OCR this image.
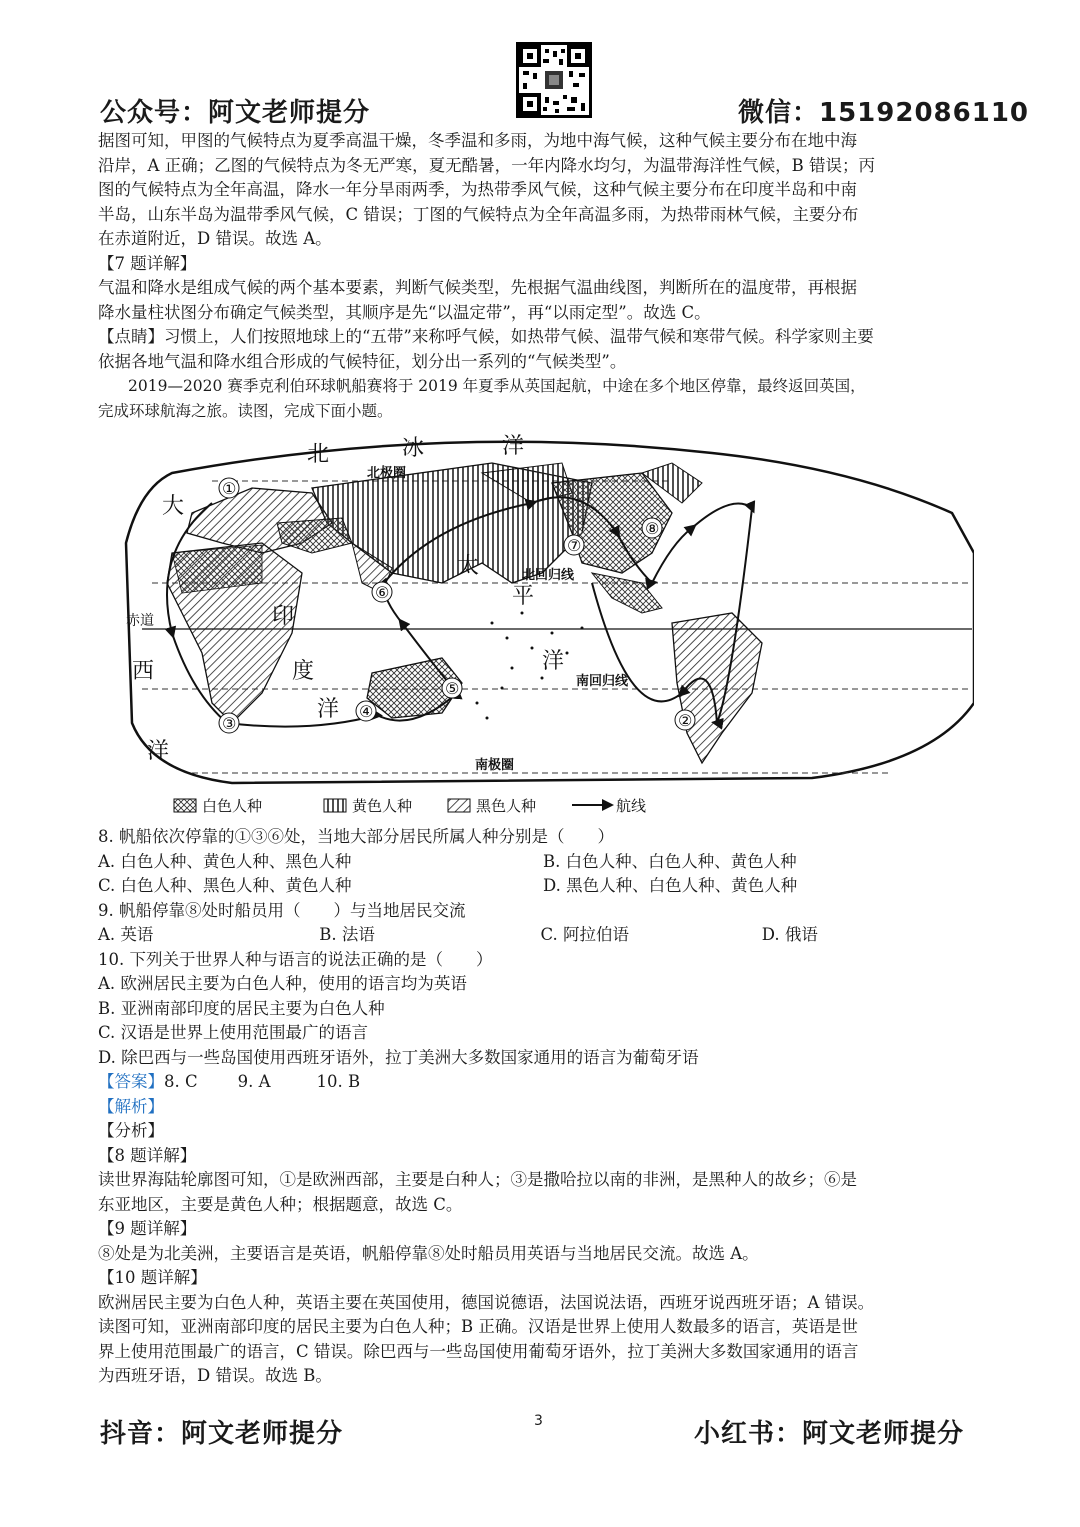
公众号：阿文老师提分	微信：15192086110
据图可知，甲图的气候特点为夏季高温干燥，冬季温和多雨，为地中海气候，这种气候主要分布在地中海
沿岸，A 正确；乙图的气候特点为冬无严寒，夏无酷暑，一年内降水均匀，为温带海洋性气候，B 错误；丙
图的气候特点为全年高温，降水一年分旱雨两季，为热带季风气候，这种气候主要分布在印度半岛和中南
半岛，山东半岛为温带季风气候，C 错误；丁图的气候特点为全年高温多雨，为热带雨林气候，主要分布
在赤道附近，D 错误。故选 A。
【7 题详解】
气温和降水是组成气候的两个基本要素，判断气候类型，先根据气温曲线图，判断所在的温度带，再根据
降水量柱状图分布确定气候类型，其顺序是先“以温定带”，再“以雨定型”。故选 C。
【点睛】习惯上，人们按照地球上的“五带”来称呼气候，如热带气候、温带气候和寒带气候。科学家则主要
依据各地气温和降水组合形成的气候特征，划分出一系列的“气候类型”。
2019—2020 赛季克利伯环球帆船赛将于 2019 年夏季从英国起航，中途在多个地区停靠，最终返回英国，
完成环球航海之旅。读图，完成下面小题。
北	冰	洋
太
平
洋
印
度
洋
大
西
洋
北极圈
北回归线
赤道
南回归线
南极圈
①
②
③
④
⑤
⑥
⑦
⑧
白色人种	黄色人种	黑色人种	航线
8. 帆船依次停靠的①③⑥处，当地大部分居民所属人种分别是（　　）
A. 白色人种、黄色人种、黑色人种	B. 白色人种、白色人种、黄色人种
C. 白色人种、黑色人种、黄色人种	D. 黑色人种、白色人种、黄色人种
9. 帆船停靠⑧处时船员用（　　）与当地居民交流
A. 英语	B. 法语	C. 阿拉伯语	D. 俄语
10. 下列关于世界人种与语言的说法正确的是（　　）
A. 欧洲居民主要为白色人种，使用的语言均为英语
B. 亚洲南部印度的居民主要为白色人种
C. 汉语是世界上使用范围最广的语言
D. 除巴西与一些岛国使用西班牙语外，拉丁美洲大多数国家通用的语言为葡萄牙语
【答案】8. C 9. A	10. B
【解析】
【分析】
【8 题详解】
读世界海陆轮廓图可知，①是欧洲西部，主要是白种人；③是撒哈拉以南的非洲，是黑种人的故乡；⑥是
东亚地区，主要是黄色人种；根据题意，故选 C。
【9 题详解】
⑧处是为北美洲，主要语言是英语，帆船停靠⑧处时船员用英语与当地居民交流。故选 A。
【10 题详解】
欧洲居民主要为白色人种，英语主要在英国使用，德国说德语，法国说法语，西班牙说西班牙语；A 错误。
读图可知，亚洲南部印度的居民主要为白色人种；B 正确。汉语是世界上使用人数最多的语言，英语是世
界上使用范围最广的语言，C 错误。除巴西与一些岛国使用葡萄牙语外，拉丁美洲大多数国家通用的语言
为西班牙语，D 错误。故选 B。
抖音：阿文老师提分	3	小红书：阿文老师提分
